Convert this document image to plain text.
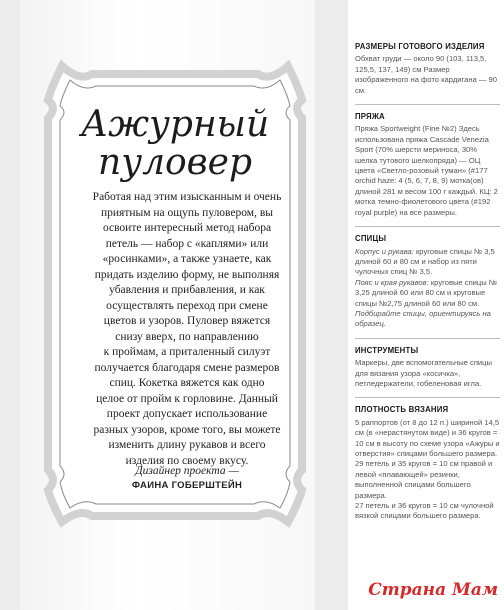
Ажурный
пуловер

Работая над этим изысканным и очень

приятным на ощупь пуловером, вы

освоите интересный метод набора

петель — набор с «каплями» или

«росинками», а также узнаете, как

придать изделию форму, не выполняя

убавления и прибавления, и как

осуществлять переход при смене

цветов и узоров. Пуловер вяжется

снизу вверх, по направлению

к проймам, а приталенный силуэт

получается благодаря смене размеров

спиц. Кокетка вяжется как одно

целое от пройм к горловине. Данный

проект допускает использование

разных узоров, кроме того, вы можете

изменить длину рукавов и всего

изделия по своему вкусу.

Дизайнер проекта —
ФАИНА ГОБЕРШТЕЙН
РАЗМЕРЫ ГОТОВОГО ИЗДЕЛИЯ

Обхват груди — около 90 (103, 113,5, 125,5, 137, 149) см Размер изображенного на фото кардигана — 90 см.

ПРЯЖА

Пряжа Sportweight (Fine №2) Здесь использована пряжа Cascade Venezia Sport (70% шерсти мериноса, 30% шелка тутового шелкопряда) — ОЦ цвета «Светло-розовый туман» (#177 orchid haze: 4 (5, 6, 7, 8, 9) моткa(ов) длиной 281 м весом 100 г каждый. КЦ: 2 мотка темно-фиолетового цвета (#192 royal purple) на все размеры.

СПИЦЫ

Корпус и рукава: круговые спицы № 3,5 длиной 60 и 80 см и набор из пяти чулочных спиц № 3,5.

Пояс и края рукавов: круговые спицы № 3,25 длиной 60 или 80 см и круговые спицы №2,75 длиной 60 или 80 см.

Подбирайте спицы, ориентируясь на образец.

ИНСТРУМЕНТЫ

Маркеры, две вспомогательные спицы для вязания узора «косичка», петледержатели, гобеленовая игла.

ПЛОТНОСТЬ ВЯЗАНИЯ

5 раппортов (от 8 до 12 п.) шириной 14,5 см (в «нерастянутом виде) и 36 кругов = 10 см в высоту по схеме узора «Ажуры и отверстия» спицами большего размера.

29 петель и 35 кругов = 10 см правой и левой «плавающей» резинки, выполненной спицами большего размера.

27 петель и 36 кругов = 10 см чулочной вязкой спицами большего размера.

Страна Мам
